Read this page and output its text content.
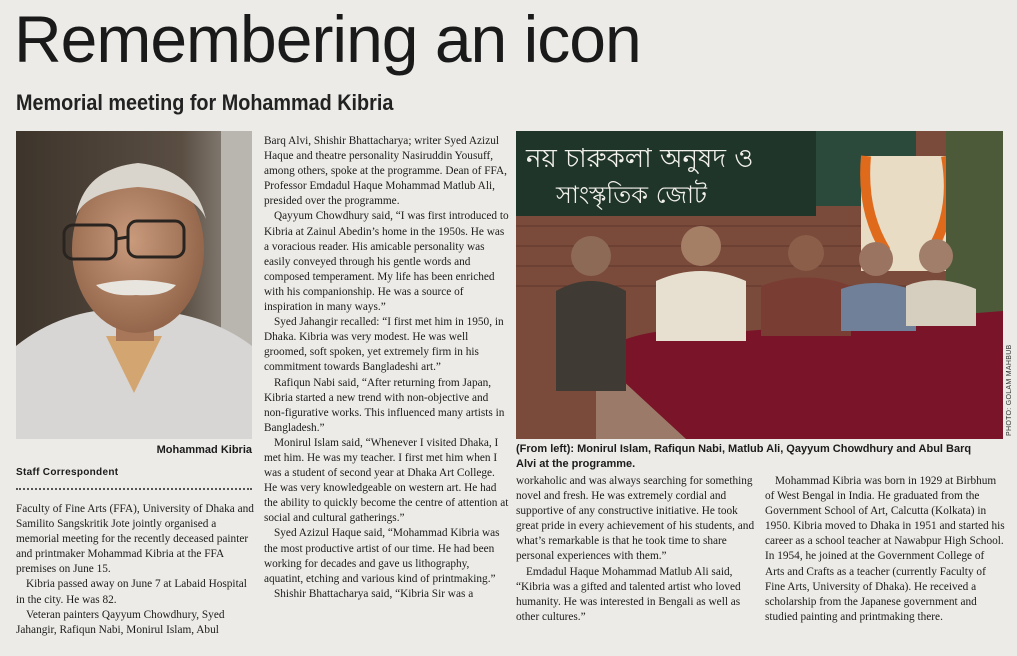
Remembering an icon
Memorial meeting for Mohammad Kibria
Mohammad Kibria
নয় চারুকলা অনুষদ ও
সাংস্কৃতিক জোট
PHOTO: GOLAM MAHBUB
(From left): Monirul Islam, Rafiqun Nabi, Matlub Ali, Qayyum Chowdhury and Abul Barq Alvi at the programme.
Staff Correspondent

Faculty of Fine Arts (FFA), University of Dhaka and Samilito Sangskritik Jote jointly organised a memorial meeting for the recently deceased painter and printmaker Mohammad Kibria at the FFA premises on June 15.

Kibria passed away on June 7 at Labaid Hospital in the city. He was 82.

Veteran painters Qayyum Chowdhury, Syed Jahangir, Rafiqun Nabi, Monirul Islam, Abul

Barq Alvi, Shishir Bhattacharya; writer Syed Azizul Haque and theatre personality Nasiruddin Yousuff, among others, spoke at the programme. Dean of FFA, Professor Emdadul Haque Mohammad Matlub Ali, presided over the programme.

Qayyum Chowdhury said, “I was first introduced to Kibria at Zainul Abedin’s home in the 1950s. He was a voracious reader. His amicable personality was easily conveyed through his gentle words and composed temperament. My life has been enriched with his companionship. He was a source of inspiration in many ways.”

Syed Jahangir recalled: “I first met him in 1950, in Dhaka. Kibria was very modest. He was well groomed, soft spoken, yet extremely firm in his commitment towards Bangladeshi art.”

Rafiqun Nabi said, “After returning from Japan, Kibria started a new trend with non-objective and non-figurative works. This influenced many artists in Bangladesh.”

Monirul Islam said, “Whenever I visited Dhaka, I met him. He was my teacher. I first met him when I was a student of second year at Dhaka Art College. He was very knowledgeable on western art. He had the ability to quickly become the centre of attention at social and cultural gatherings.”

Syed Azizul Haque said, “Mohammad Kibria was the most productive artist of our time. He had been working for decades and gave us lithography, aquatint, etching and various kind of printmaking.”

Shishir Bhattacharya said, “Kibria Sir was a

workaholic and was always searching for something novel and fresh. He was extremely cordial and supportive of any constructive initiative. He took great pride in every achievement of his students, and what’s remarkable is that he took time to share personal experiences with them.”

Emdadul Haque Mohammad Matlub Ali said, “Kibria was a gifted and talented artist who loved humanity. He was interested in Bengali as well as other cultures.”

Mohammad Kibria was born in 1929 at Birbhum of West Bengal in India. He graduated from the Government School of Art, Calcutta (Kolkata) in 1950. Kibria moved to Dhaka in 1951 and started his career as a school teacher at Nawabpur High School. In 1954, he joined at the Government College of Arts and Crafts as a teacher (currently Faculty of Fine Arts, University of Dhaka). He received a scholarship from the Japanese government and studied painting and printmaking there.
